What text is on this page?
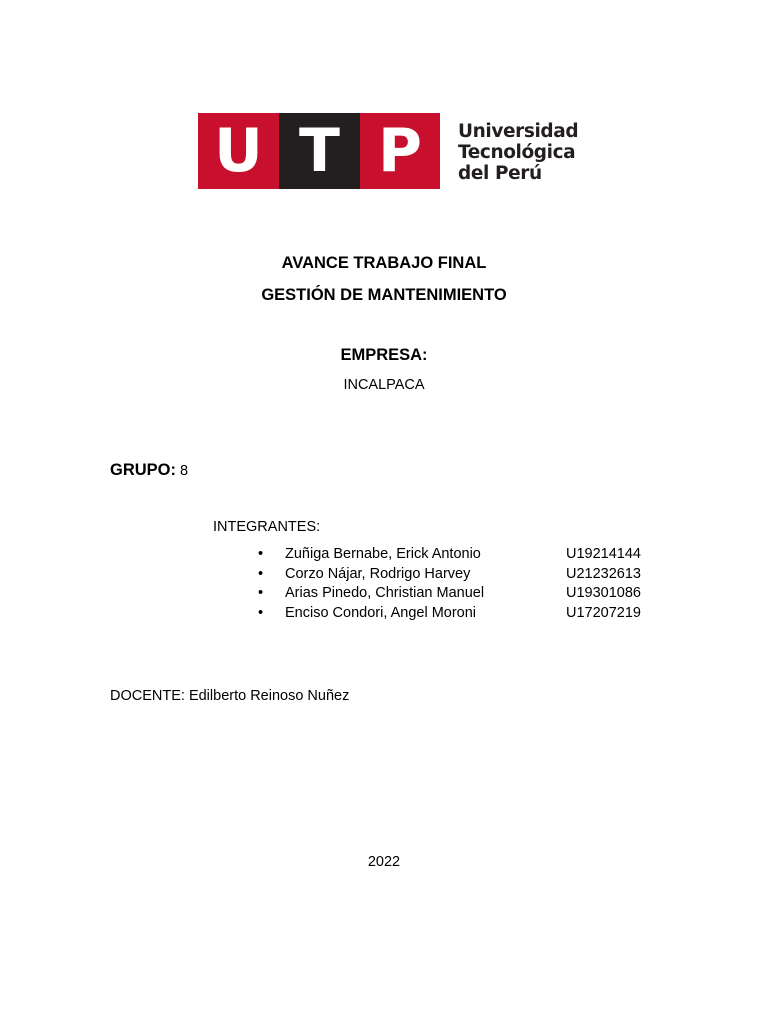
U T P	Universidad
Tecnológica
del Perú
AVANCE TRABAJO FINAL
GESTIÓN DE MANTENIMIENTO
EMPRESA:
INCALPACA
GRUPO: 8
INTEGRANTES:
• Zuñiga Bernabe, Erick Antonio	U19214144
• Corzo Nájar, Rodrigo Harvey	U21232613
• Arias Pinedo, Christian Manuel	U19301086
• Enciso Condori, Angel Moroni	U17207219
DOCENTE: Edilberto Reinoso Nuñez
2022
